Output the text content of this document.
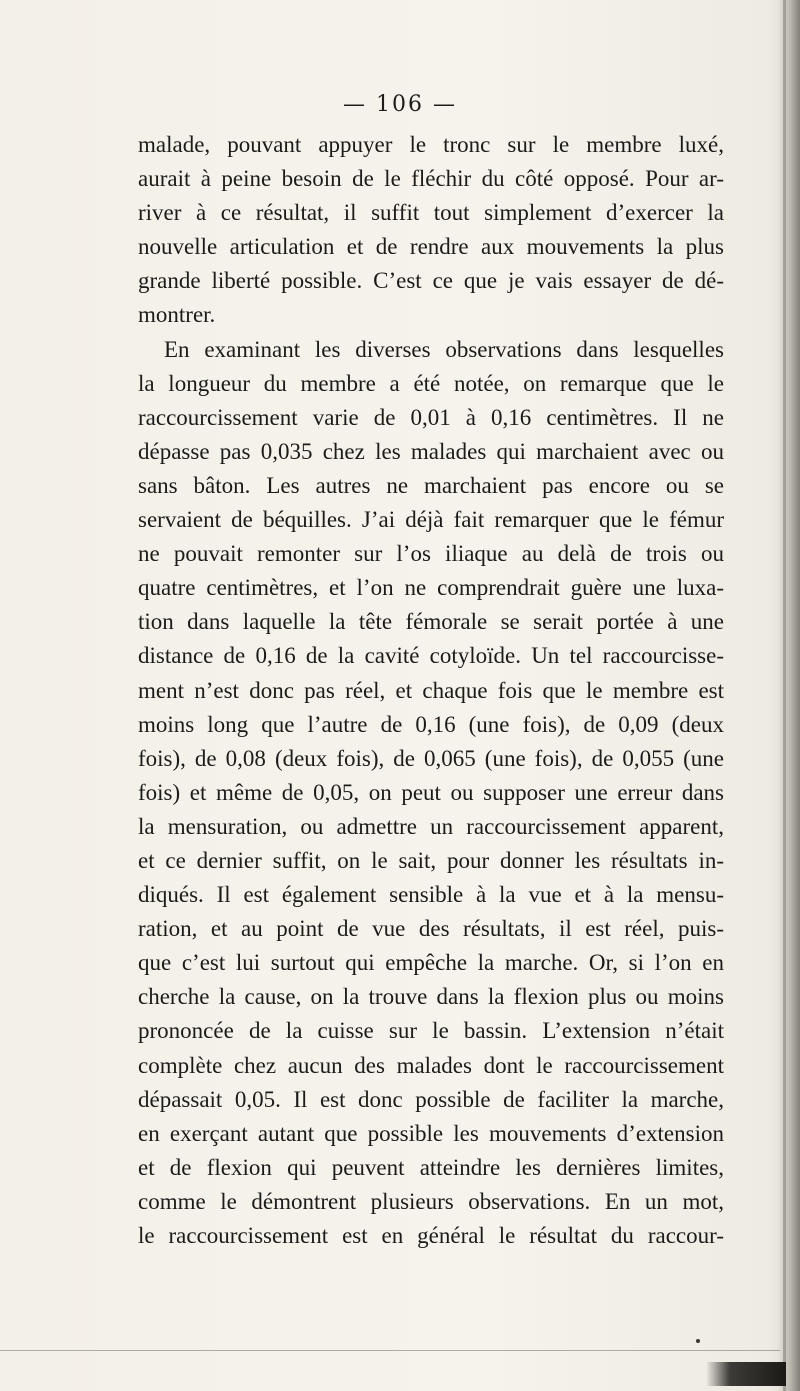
— 106 —
malade, pouvant appuyer le tronc sur le membre luxé,
aurait à peine besoin de le fléchir du côté opposé. Pour ar-
river à ce résultat, il suffit tout simplement d’exercer la
nouvelle articulation et de rendre aux mouvements la plus
grande liberté possible. C’est ce que je vais essayer de dé-
montrer.
En examinant les diverses observations dans lesquelles
la longueur du membre a été notée, on remarque que le
raccourcissement varie de 0,01 à 0,16 centimètres. Il ne
dépasse pas 0,035 chez les malades qui marchaient avec ou
sans bâton. Les autres ne marchaient pas encore ou se
servaient de béquilles. J’ai déjà fait remarquer que le fémur
ne pouvait remonter sur l’os iliaque au delà de trois ou
quatre centimètres, et l’on ne comprendrait guère une luxa-
tion dans laquelle la tête fémorale se serait portée à une
distance de 0,16 de la cavité cotyloïde. Un tel raccourcisse-
ment n’est donc pas réel, et chaque fois que le membre est
moins long que l’autre de 0,16 (une fois), de 0,09 (deux
fois), de 0,08 (deux fois), de 0,065 (une fois), de 0,055 (une
fois) et même de 0,05, on peut ou supposer une erreur dans
la mensuration, ou admettre un raccourcissement apparent,
et ce dernier suffit, on le sait, pour donner les résultats in-
diqués. Il est également sensible à la vue et à la mensu-
ration, et au point de vue des résultats, il est réel, puis-
que c’est lui surtout qui empêche la marche. Or, si l’on en
cherche la cause, on la trouve dans la flexion plus ou moins
prononcée de la cuisse sur le bassin. L’extension n’était
complète chez aucun des malades dont le raccourcissement
dépassait 0,05. Il est donc possible de faciliter la marche,
en exerçant autant que possible les mouvements d’extension
et de flexion qui peuvent atteindre les dernières limites,
comme le démontrent plusieurs observations. En un mot,
le raccourcissement est en général le résultat du raccour-
